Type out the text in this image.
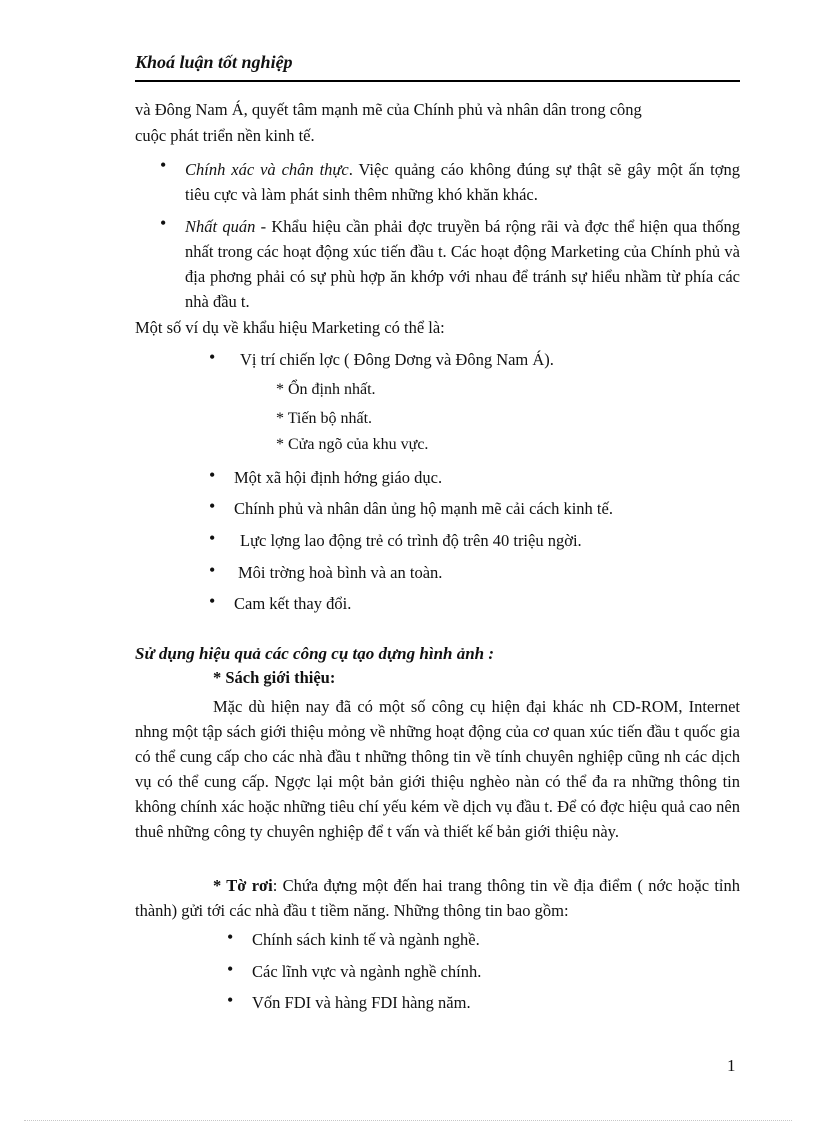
Khoá luận tốt nghiệp
và Đông Nam Á, quyết tâm mạnh mẽ của Chính phủ và nhân dân trong công
cuộc phát triển nền kinh tế.
• Chính xác và chân thực. Việc quảng cáo không đúng sự thật sẽ gây một ấn tợng tiêu cực và làm phát sinh thêm những khó khăn khác.
• Nhất quán - Khẩu hiệu cần phải đợc truyền bá rộng rãi và đợc thể hiện qua thống nhất trong các hoạt động xúc tiến đầu t. Các hoạt động Marketing của Chính phủ và địa phơng phải có sự phù hợp ăn khớp với nhau để tránh sự hiểu nhầm từ phía các nhà đầu t.
Một số ví dụ về khẩu hiệu Marketing có thể là:
• Vị trí chiến lợc ( Đông Dơng và Đông Nam Á).
* Ổn định nhất.
* Tiến bộ nhất.
* Cửa ngõ của khu vực.
• Một xã hội định hớng giáo dục.
• Chính phủ và nhân dân ủng hộ mạnh mẽ cải cách kinh tế.
• Lực lợng lao động trẻ có trình độ trên 40 triệu ngời.
• Môi trờng hoà bình và an toàn.
• Cam kết thay đổi.
Sử dụng hiệu quả các công cụ tạo dựng hình ảnh :
* Sách giới thiệu:
Mặc dù hiện nay đã có một số công cụ hiện đại khác nh CD-ROM, Internet nhng một tập sách giới thiệu mỏng về những hoạt động của cơ quan xúc tiến đầu t quốc gia có thể cung cấp cho các nhà đầu t những thông tin về tính chuyên nghiệp cũng nh các dịch vụ có thể cung cấp. Ngợc lại một bản giới thiệu nghèo nàn có thể đa ra những thông tin không chính xác hoặc những tiêu chí yếu kém về dịch vụ đầu t. Để có đợc hiệu quả cao nên thuê những công ty chuyên nghiệp để t vấn và thiết kế bản giới thiệu này.
* Tờ rơi: Chứa đựng một đến hai trang thông tin về địa điểm ( nớc hoặc tỉnh thành) gửi tới các nhà đầu t tiềm năng. Những thông tin bao gồm:
• Chính sách kinh tế và ngành nghề.
• Các lĩnh vực và ngành nghề chính.
• Vốn FDI và hàng FDI hàng năm.
1
